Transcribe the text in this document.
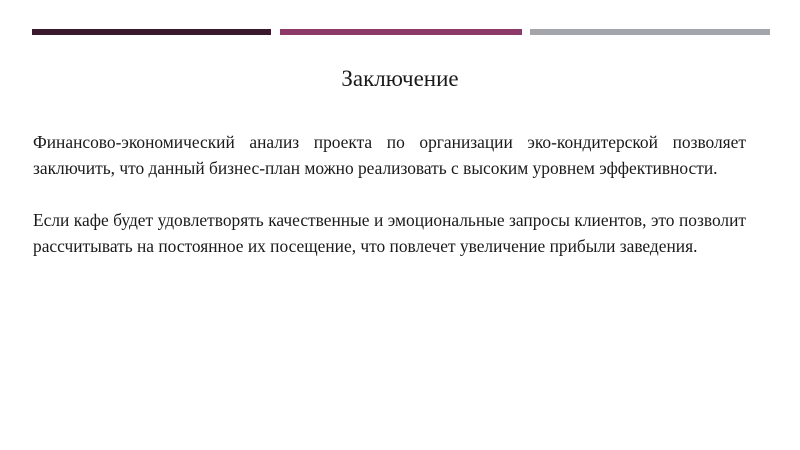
Заключение

Финансово-экономический анализ проекта по организации эко-кондитерской позволяет заключить, что данный бизнес-план можно реализовать с высоким уровнем эффективности.

Если кафе будет удовлетворять качественные и эмоциональные запросы клиентов, это позволит рассчитывать на постоянное их посещение, что повлечет увеличение прибыли заведения.
